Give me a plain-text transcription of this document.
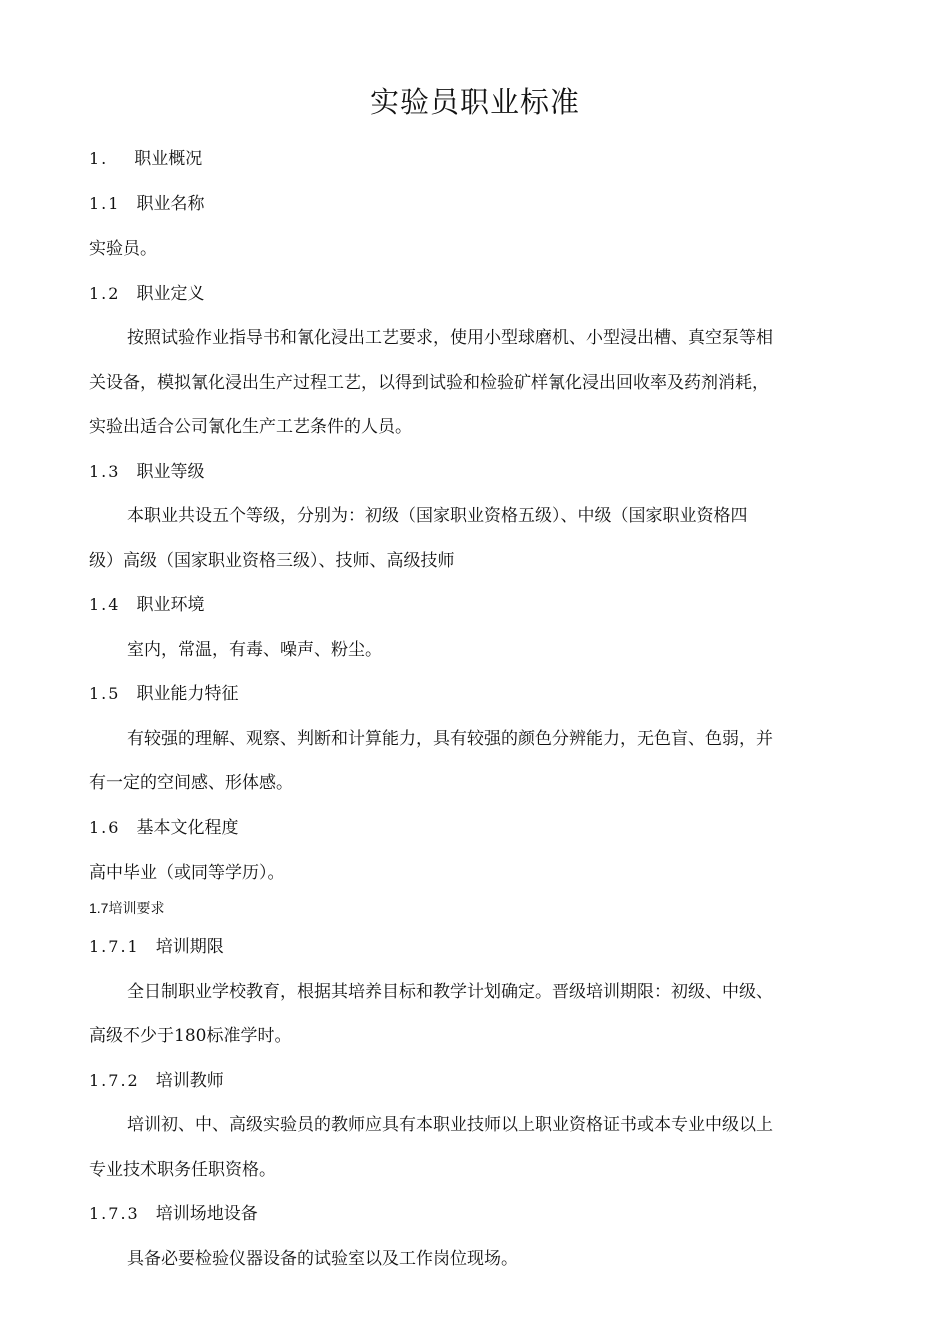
实验员职业标准
1. 职业概况
1.1 职业名称
实验员。
1.2 职业定义
按照试验作业指导书和氰化浸出工艺要求，使用小型球磨机、小型浸出槽、真空泵等相
关设备，模拟氰化浸出生产过程工艺，以得到试验和检验矿样氰化浸出回收率及药剂消耗，
实验出适合公司氰化生产工艺条件的人员。
1.3 职业等级
本职业共设五个等级，分别为：初级（国家职业资格五级）、中级（国家职业资格四
级）高级（国家职业资格三级）、技师、高级技师
1.4 职业环境
室内，常温，有毒、噪声、粉尘。
1.5 职业能力特征
有较强的理解、观察、判断和计算能力，具有较强的颜色分辨能力，无色盲、色弱，并
有一定的空间感、形体感。
1.6 基本文化程度
高中毕业（或同等学历）。
1.7培训要求
1.7.1 培训期限
全日制职业学校教育，根据其培养目标和教学计划确定。晋级培训期限：初级、中级、
高级不少于180标准学时。
1.7.2 培训教师
培训初、中、高级实验员的教师应具有本职业技师以上职业资格证书或本专业中级以上
专业技术职务任职资格。
1.7.3 培训场地设备
具备必要检验仪器设备的试验室以及工作岗位现场。
